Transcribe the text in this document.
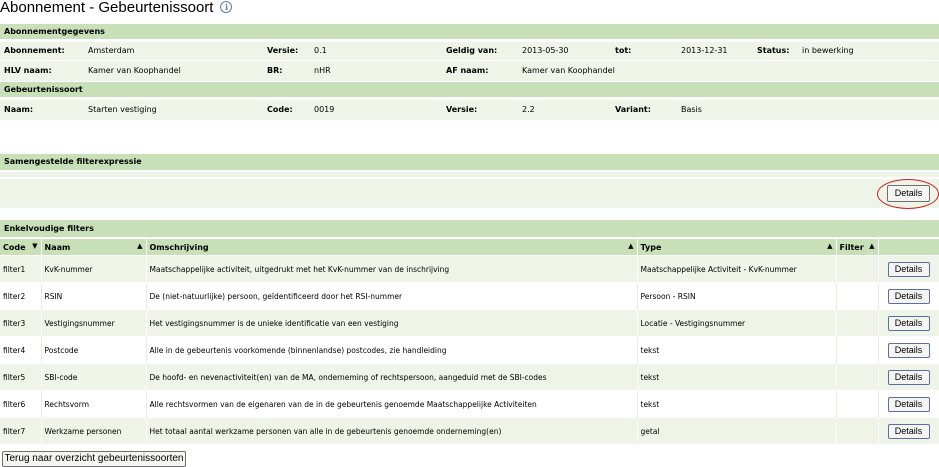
Abonnement - Gebeurtenissoort i
Abonnementgegevens
Abonnement:	Amsterdam	Versie: 0.1	Geldig van:	2013-05-30	tot:	2013-12-31	Status: in bewerking
HLV naam:	Kamer van Koophandel	BR:	nHR	AF naam:	Kamer van Koophandel
Gebeurtenissoort
Naam:	Starten vestiging	Code:	0019	Versie:	2.2	Variant:	Basis
Samengestelde filterexpressie
Details
Enkelvoudige filters
Code ▼	Naam ▲	Omschrijving ▲	Type ▲	Filter ▲	

filter1	KvK-nummer	Maatschappelijke activiteit, uitgedrukt met het KvK-nummer van de inschrijving	Maatschappelijke Activiteit - KvK-nummer		Details
filter2	RSIN	De (niet-natuurlijke) persoon, geïdentificeerd door het RSI-nummer	Persoon - RSIN		Details
filter3	Vestigingsnummer	Het vestigingsnummer is de unieke identificatie van een vestiging	Locatie - Vestigingsnummer		Details
filter4	Postcode	Alle in de gebeurtenis voorkomende (binnenlandse) postcodes, zie handleiding	tekst		Details
filter5	SBI-code	De hoofd- en nevenactiviteit(en) van de MA, onderneming of rechtspersoon, aangeduid met de SBI-codes	tekst		Details
filter6	Rechtsvorm	Alle rechtsvormen van de eigenaren van de in de gebeurtenis genoemde Maatschappelijke Activiteiten	tekst		Details
filter7	Werkzame personen	Het totaal aantal werkzame personen van alle in de gebeurtenis genoemde onderneming(en)	getal		Details
Terug naar overzicht gebeurtenissoorten
